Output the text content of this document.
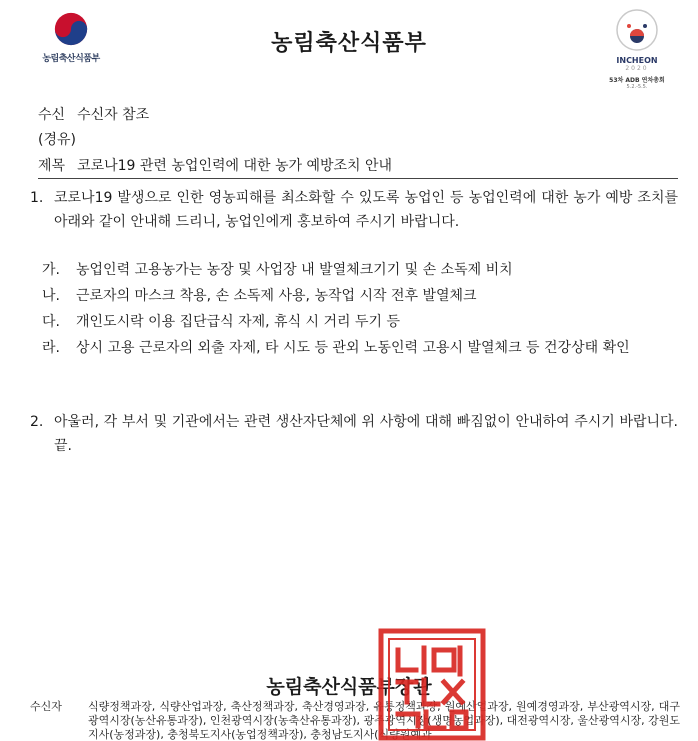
농림축산식품부
농림축산식품부
INCHEON
2020
53차 ADB 연차총회
5.2.-5.5.
수신 수신자 참조
(경유)
제목 코로나19 관련 농업인력에 대한 농가 예방조치 안내
1. 코로나19 발생으로 인한 영농피해를 최소화할 수 있도록 농업인 등 농업인력에 대한 농가 예방 조치를 아래와 같이 안내해 드리니, 농업인에게 홍보하여 주시기 바랍니다.
가. 농업인력 고용농가는 농장 및 사업장 내 발열체크기기 및 손 소독제 비치
나. 근로자의 마스크 착용, 손 소독제 사용, 농작업 시작 전후 발열체크
다. 개인도시락 이용 집단급식 자제, 휴식 시 거리 두기 등
라. 상시 고용 근로자의 외출 자제, 타 시도 등 관외 노동인력 고용시 발열체크 등 건강상태 확인
2. 아울러, 각 부서 및 기관에서는 관련 생산자단체에 위 사항에 대해 빠짐없이 안내하여 주시기 바랍니다. 끝.
농림축산식품부장관
수신자 식량정책과장, 식량산업과장, 축산정책과장, 축산경영과장, 유통정책과장, 원예산업과장, 원예경영과장, 부산광역시장, 대구광역시장(농산유통과장), 인천광역시장(농축산유통과장), 광주광역시장(생명농업과장), 대전광역시장, 울산광역시장, 강원도지사(농정과장), 충청북도지사(농업정책과장), 충청남도지사(식량원예과
